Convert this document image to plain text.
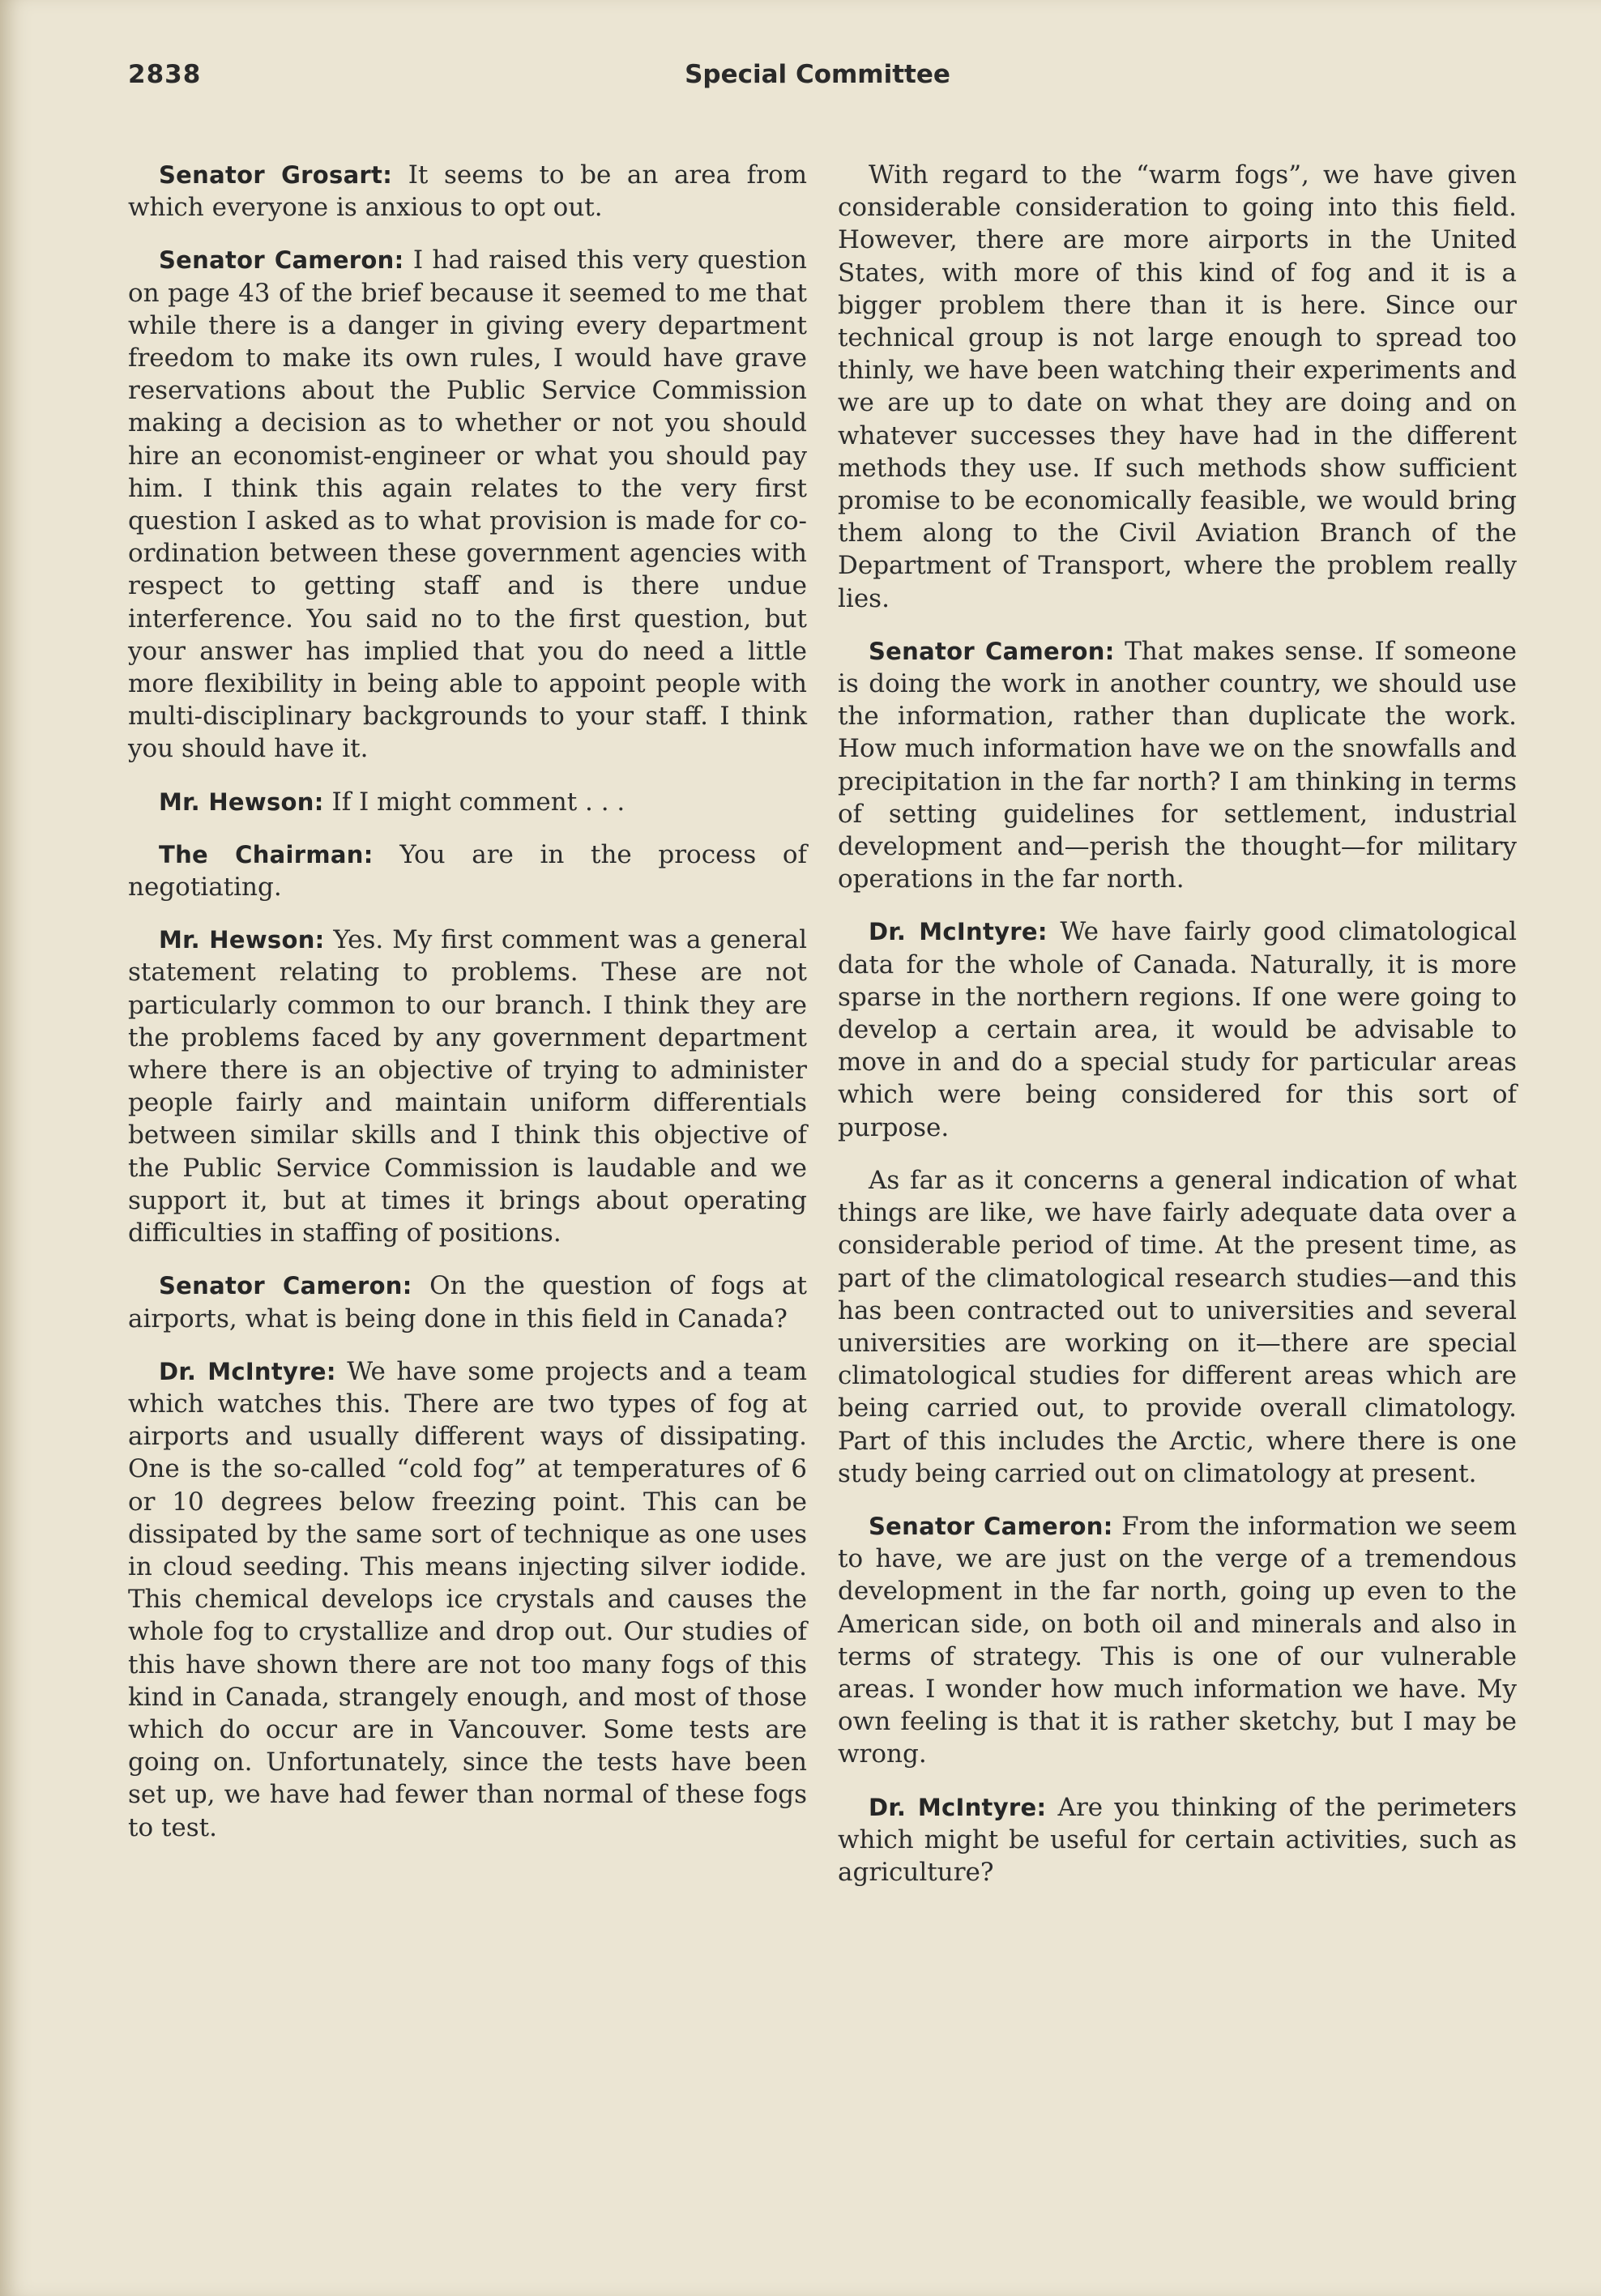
2838	Special Committee

Senator Grosart: It seems to be an area from which everyone is anxious to opt out.

Senator Cameron: I had raised this very question on page 43 of the brief because it seemed to me that while there is a danger in giving every department freedom to make its own rules, I would have grave reservations about the Public Service Commission making a decision as to whether or not you should hire an economist-engineer or what you should pay him. I think this again relates to the very first question I asked as to what provision is made for co-ordination between these government agencies with respect to getting staff and is there undue interference. You said no to the first question, but your answer has implied that you do need a little more flexibility in being able to appoint people with multi-disciplinary backgrounds to your staff. I think you should have it.

Mr. Hewson: If I might comment . . .

The Chairman: You are in the process of negotiating.

Mr. Hewson: Yes. My first comment was a general statement relating to problems. These are not particularly common to our branch. I think they are the problems faced by any government department where there is an objective of trying to administer people fairly and maintain uniform differentials between similar skills and I think this objective of the Public Service Commission is laudable and we support it, but at times it brings about operating difficulties in staffing of positions.

Senator Cameron: On the question of fogs at airports, what is being done in this field in Canada?

Dr. McIntyre: We have some projects and a team which watches this. There are two types of fog at airports and usually different ways of dissipating. One is the so-called “cold fog” at temperatures of 6 or 10 degrees below freezing point. This can be dissipated by the same sort of technique as one uses in cloud seeding. This means injecting silver iodide. This chemical develops ice crystals and causes the whole fog to crystallize and drop out. Our studies of this have shown there are not too many fogs of this kind in Canada, strangely enough, and most of those which do occur are in Vancouver. Some tests are going on. Unfortunately, since the tests have been set up, we have had fewer than normal of these fogs to test.

With regard to the “warm fogs”, we have given considerable consideration to going into this field. However, there are more airports in the United States, with more of this kind of fog and it is a bigger problem there than it is here. Since our technical group is not large enough to spread too thinly, we have been watching their experiments and we are up to date on what they are doing and on whatever successes they have had in the different methods they use. If such methods show sufficient promise to be economically feasible, we would bring them along to the Civil Aviation Branch of the Department of Transport, where the problem really lies.

Senator Cameron: That makes sense. If someone is doing the work in another country, we should use the information, rather than duplicate the work. How much information have we on the snowfalls and precipitation in the far north? I am thinking in terms of setting guidelines for settlement, industrial development and—perish the thought—for military operations in the far north.

Dr. McIntyre: We have fairly good climatological data for the whole of Canada. Naturally, it is more sparse in the northern regions. If one were going to develop a certain area, it would be advisable to move in and do a special study for particular areas which were being considered for this sort of purpose.

As far as it concerns a general indication of what things are like, we have fairly adequate data over a considerable period of time. At the present time, as part of the climatological research studies—and this has been contracted out to universities and several universities are working on it—there are special climatological studies for different areas which are being carried out, to provide overall climatology. Part of this includes the Arctic, where there is one study being carried out on climatology at present.

Senator Cameron: From the information we seem to have, we are just on the verge of a tremendous development in the far north, going up even to the American side, on both oil and minerals and also in terms of strategy. This is one of our vulnerable areas. I wonder how much information we have. My own feeling is that it is rather sketchy, but I may be wrong.

Dr. McIntyre: Are you thinking of the perimeters which might be useful for certain activities, such as agriculture?
